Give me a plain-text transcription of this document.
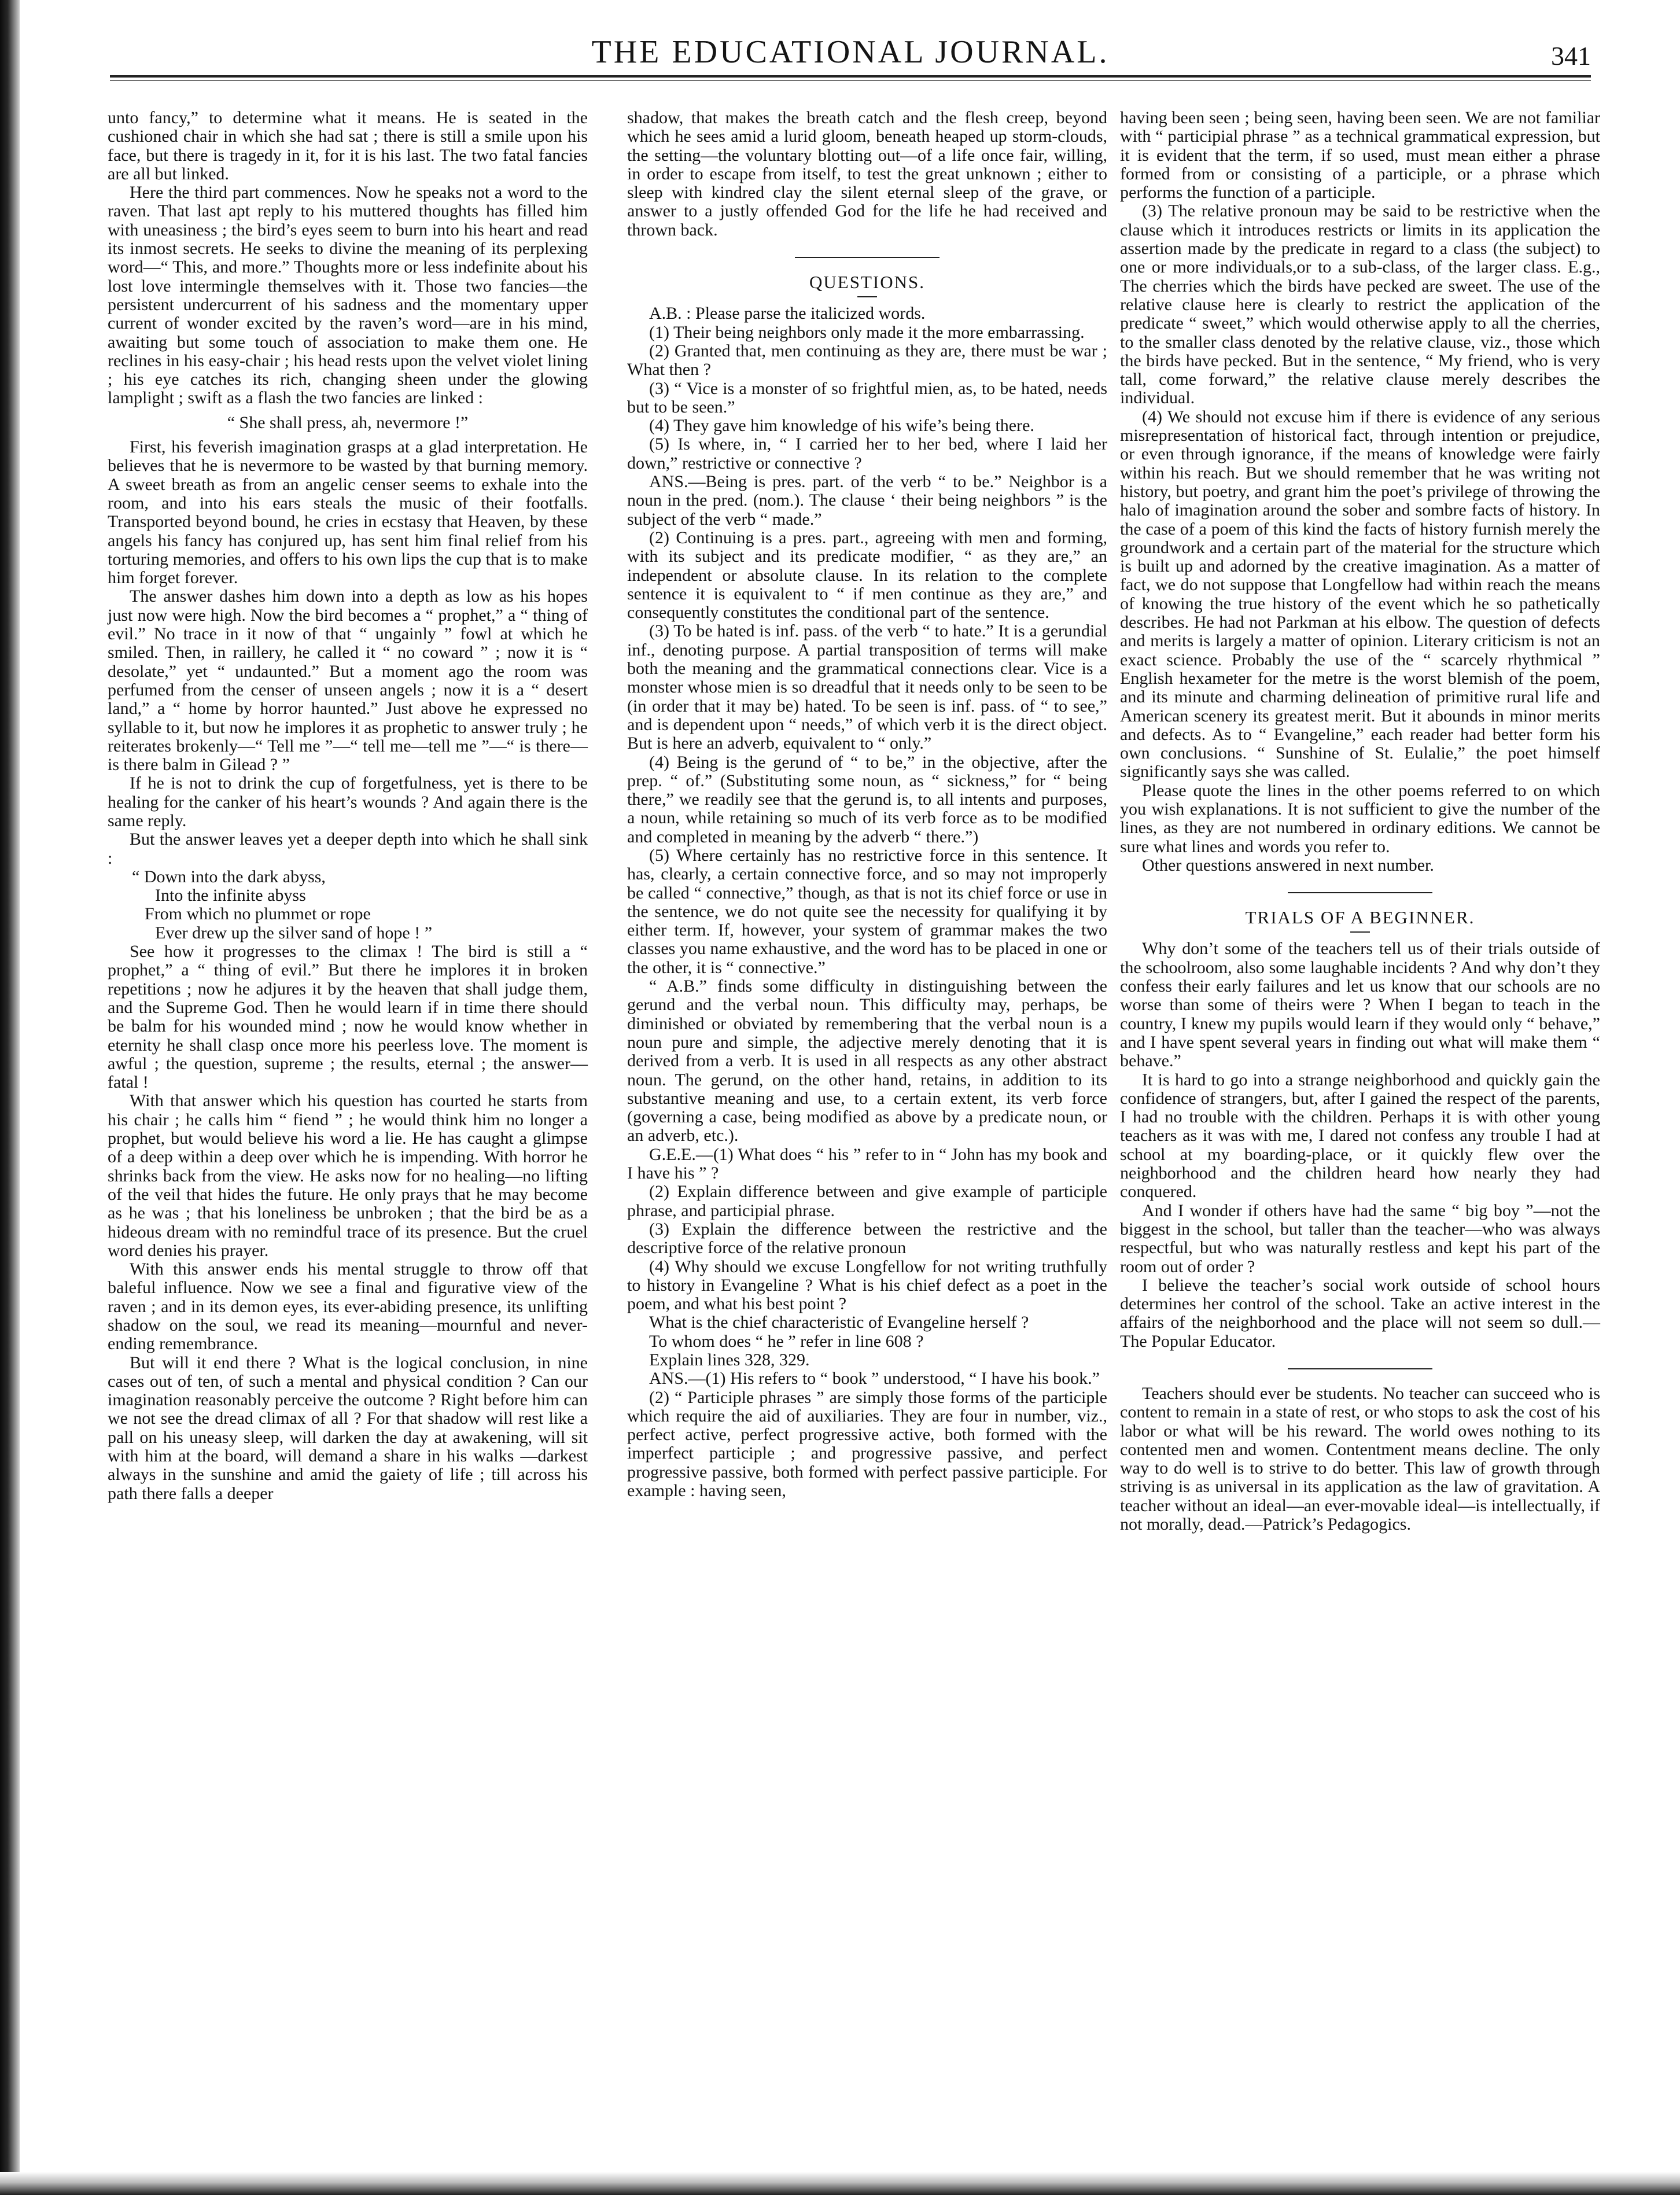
THE EDUCATIONAL JOURNAL.	341

unto fancy,” to determine what it means. He is seated in the cushioned chair in which she had sat ; there is still a smile upon his face, but there is tragedy in it, for it is his last. The two fatal fancies are all but linked.

Here the third part commences. Now he speaks not a word to the raven. That last apt reply to his muttered thoughts has filled him with uneasiness ; the bird’s eyes seem to burn into his heart and read its inmost secrets. He seeks to divine the meaning of its perplexing word—“ This, and more.” Thoughts more or less indefinite about his lost love intermingle themselves with it. Those two fancies—the persistent undercurrent of his sadness and the momentary upper current of wonder excited by the raven’s word—are in his mind, awaiting but some touch of association to make them one. He reclines in his easy-chair ; his head rests upon the velvet violet lining ; his eye catches its rich, changing sheen under the glowing lamplight ; swift as a flash the two fancies are linked :

“ She shall press, ah, nevermore !”

First, his feverish imagination grasps at a glad interpretation. He believes that he is nevermore to be wasted by that burning memory. A sweet breath as from an angelic censer seems to exhale into the room, and into his ears steals the music of their footfalls. Transported beyond bound, he cries in ecstasy that Heaven, by these angels his fancy has conjured up, has sent him final relief from his torturing memories, and offers to his own lips the cup that is to make him forget forever.

The answer dashes him down into a depth as low as his hopes just now were high. Now the bird becomes a “ prophet,” a “ thing of evil.” No trace in it now of that “ ungainly ” fowl at which he smiled. Then, in raillery, he called it “ no coward ” ; now it is “ desolate,” yet “ undaunted.” But a moment ago the room was perfumed from the censer of unseen angels ; now it is a “ desert land,” a “ home by horror haunted.” Just above he expressed no syllable to it, but now he implores it as prophetic to answer truly ; he reiterates brokenly—“ Tell me ”—“ tell me—tell me ”—“ is there—is there balm in Gilead ? ”

If he is not to drink the cup of forgetfulness, yet is there to be healing for the canker of his heart’s wounds ? And again there is the same reply.

But the answer leaves yet a deeper depth into which he shall sink :

“ Down into the dark abyss,

Into the infinite abyss

From which no plummet or rope

Ever drew up the silver sand of hope ! ”

See how it progresses to the climax ! The bird is still a “ prophet,” a “ thing of evil.” But there he implores it in broken repetitions ; now he adjures it by the heaven that shall judge them, and the Supreme God. Then he would learn if in time there should be balm for his wounded mind ; now he would know whether in eternity he shall clasp once more his peerless love. The moment is awful ; the question, supreme ; the results, eternal ; the answer—fatal !

With that answer which his question has courted he starts from his chair ; he calls him “ fiend ” ; he would think him no longer a prophet, but would believe his word a lie. He has caught a glimpse of a deep within a deep over which he is impending. With horror he shrinks back from the view. He asks now for no healing—no lifting of the veil that hides the future. He only prays that he may become as he was ; that his loneliness be unbroken ; that the bird be as a hideous dream with no remindful trace of its presence. But the cruel word denies his prayer.

With this answer ends his mental struggle to throw off that baleful influence. Now we see a final and figurative view of the raven ; and in its demon eyes, its ever-abiding presence, its unlifting shadow on the soul, we read its meaning—mournful and never-ending remembrance.

But will it end there ? What is the logical conclusion, in nine cases out of ten, of such a mental and physical condition ? Can our imagination reasonably perceive the outcome ? Right before him can we not see the dread climax of all ? For that shadow will rest like a pall on his uneasy sleep, will darken the day at awakening, will sit with him at the board, will demand a share in his walks —darkest always in the sunshine and amid the gaiety of life ; till across his path there falls a deeper

shadow, that makes the breath catch and the flesh creep, beyond which he sees amid a lurid gloom, beneath heaped up storm-clouds, the setting—the voluntary blotting out—of a life once fair, willing, in order to escape from itself, to test the great unknown ; either to sleep with kindred clay the silent eternal sleep of the grave, or answer to a justly offended God for the life he had received and thrown back.

QUESTIONS.

A.B. : Please parse the italicized words.

(1) Their being neighbors only made it the more embarrassing.

(2) Granted that, men continuing as they are, there must be war ; What then ?

(3) “ Vice is a monster of so frightful mien, as, to be hated, needs but to be seen.”

(4) They gave him knowledge of his wife’s being there.

(5) Is where, in, “ I carried her to her bed, where I laid her down,” restrictive or connective ?

ANS.—Being is pres. part. of the verb “ to be.” Neighbor is a noun in the pred. (nom.). The clause ‘ their being neighbors ” is the subject of the verb “ made.”

(2) Continuing is a pres. part., agreeing with men and forming, with its subject and its predicate modifier, “ as they are,” an independent or absolute clause. In its relation to the complete sentence it is equivalent to “ if men continue as they are,” and consequently constitutes the conditional part of the sentence.

(3) To be hated is inf. pass. of the verb “ to hate.” It is a gerundial inf., denoting purpose. A partial transposition of terms will make both the meaning and the grammatical connections clear. Vice is a monster whose mien is so dreadful that it needs only to be seen to be (in order that it may be) hated. To be seen is inf. pass. of “ to see,” and is dependent upon “ needs,” of which verb it is the direct object. But is here an adverb, equivalent to “ only.”

(4) Being is the gerund of “ to be,” in the objective, after the prep. “ of.” (Substituting some noun, as “ sickness,” for “ being there,” we readily see that the gerund is, to all intents and purposes, a noun, while retaining so much of its verb force as to be modified and completed in meaning by the adverb “ there.”)

(5) Where certainly has no restrictive force in this sentence. It has, clearly, a certain connective force, and so may not improperly be called “ connective,” though, as that is not its chief force or use in the sentence, we do not quite see the necessity for qualifying it by either term. If, however, your system of grammar makes the two classes you name exhaustive, and the word has to be placed in one or the other, it is “ connective.”

“ A.B.” finds some difficulty in distinguishing between the gerund and the verbal noun. This difficulty may, perhaps, be diminished or obviated by remembering that the verbal noun is a noun pure and simple, the adjective merely denoting that it is derived from a verb. It is used in all respects as any other abstract noun. The gerund, on the other hand, retains, in addition to its substantive meaning and use, to a certain extent, its verb force (governing a case, being modified as above by a predicate noun, or an adverb, etc.).

G.E.E.—(1) What does “ his ” refer to in “ John has my book and I have his ” ?

(2) Explain difference between and give example of participle phrase, and participial phrase.

(3) Explain the difference between the restrictive and the descriptive force of the relative pronoun

(4) Why should we excuse Longfellow for not writing truthfully to history in Evangeline ? What is his chief defect as a poet in the poem, and what his best point ?

What is the chief characteristic of Evangeline herself ?

To whom does “ he ” refer in line 608 ?

Explain lines 328, 329.

ANS.—(1) His refers to “ book ” understood, “ I have his book.”

(2) “ Participle phrases ” are simply those forms of the participle which require the aid of auxiliaries. They are four in number, viz., perfect active, perfect progressive active, both formed with the imperfect participle ; and progressive passive, and perfect progressive passive, both formed with perfect passive participle. For example : having seen,

having been seen ; being seen, having been seen. We are not familiar with “ participial phrase ” as a technical grammatical expression, but it is evident that the term, if so used, must mean either a phrase formed from or consisting of a participle, or a phrase which performs the function of a participle.

(3) The relative pronoun may be said to be restrictive when the clause which it introduces restricts or limits in its application the assertion made by the predicate in regard to a class (the subject) to one or more individuals,or to a sub-class, of the larger class. E.g., The cherries which the birds have pecked are sweet. The use of the relative clause here is clearly to restrict the application of the predicate “ sweet,” which would otherwise apply to all the cherries, to the smaller class denoted by the relative clause, viz., those which the birds have pecked. But in the sentence, “ My friend, who is very tall, come forward,” the relative clause merely describes the individual.

(4) We should not excuse him if there is evidence of any serious misrepresentation of historical fact, through intention or prejudice, or even through ignorance, if the means of knowledge were fairly within his reach. But we should remember that he was writing not history, but poetry, and grant him the poet’s privilege of throwing the halo of imagination around the sober and sombre facts of history. In the case of a poem of this kind the facts of history furnish merely the groundwork and a certain part of the material for the structure which is built up and adorned by the creative imagination. As a matter of fact, we do not suppose that Longfellow had within reach the means of knowing the true history of the event which he so pathetically describes. He had not Parkman at his elbow. The question of defects and merits is largely a matter of opinion. Literary criticism is not an exact science. Probably the use of the “ scarcely rhythmical ” English hexameter for the metre is the worst blemish of the poem, and its minute and charming delineation of primitive rural life and American scenery its greatest merit. But it abounds in minor merits and defects. As to “ Evangeline,” each reader had better form his own conclusions. “ Sunshine of St. Eulalie,” the poet himself significantly says she was called.

Please quote the lines in the other poems referred to on which you wish explanations. It is not sufficient to give the number of the lines, as they are not numbered in ordinary editions. We cannot be sure what lines and words you refer to.

Other questions answered in next number.

TRIALS OF A BEGINNER.

Why don’t some of the teachers tell us of their trials outside of the schoolroom, also some laughable incidents ? And why don’t they confess their early failures and let us know that our schools are no worse than some of theirs were ? When I began to teach in the country, I knew my pupils would learn if they would only “ behave,” and I have spent several years in finding out what will make them “ behave.”

It is hard to go into a strange neighborhood and quickly gain the confidence of strangers, but, after I gained the respect of the parents, I had no trouble with the children. Perhaps it is with other young teachers as it was with me, I dared not confess any trouble I had at school at my boarding-place, or it quickly flew over the neighborhood and the children heard how nearly they had conquered.

And I wonder if others have had the same “ big boy ”—not the biggest in the school, but taller than the teacher—who was always respectful, but who was naturally restless and kept his part of the room out of order ?

I believe the teacher’s social work outside of school hours determines her control of the school. Take an active interest in the affairs of the neighborhood and the place will not seem so dull.—The Popular Educator.

Teachers should ever be students. No teacher can succeed who is content to remain in a state of rest, or who stops to ask the cost of his labor or what will be his reward. The world owes nothing to its contented men and women. Contentment means decline. The only way to do well is to strive to do better. This law of growth through striving is as universal in its application as the law of gravitation. A teacher without an ideal—an ever-movable ideal—is intellectually, if not morally, dead.—Patrick’s Pedagogics.
